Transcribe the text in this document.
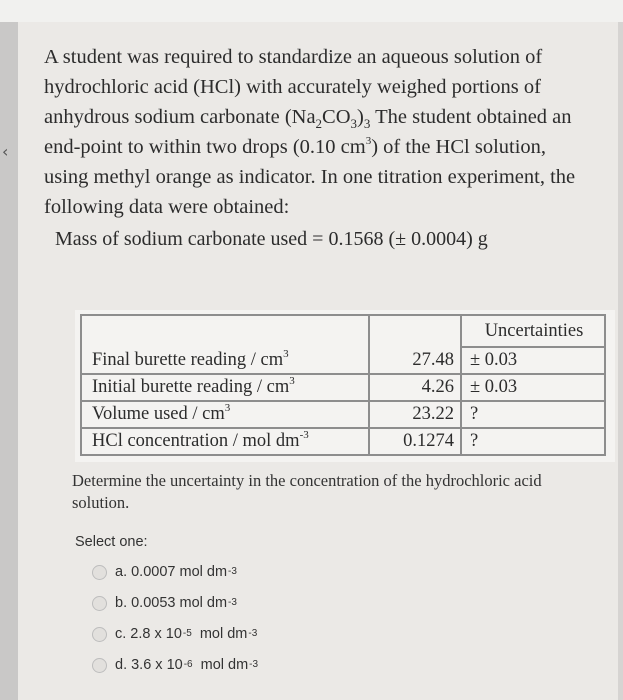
‹
A student was required to standardize an aqueous solution of
hydrochloric acid (HCl) with accurately weighed portions of
anhydrous sodium carbonate $(Na_2CO_3)_3$ The student obtained an
end-point to within two drops (0.10 $cm^3$) of the HCl solution,
using methyl orange as indicator. In one titration experiment, the
following data were obtained:
Mass of sodium carbonate used = 0.1568 (± 0.0004) g
		Uncertainties
Final burette reading / $cm^3$	27.48	± 0.03
Initial burette reading / $cm^3$	4.26	± 0.03
Volume used / $cm^3$	23.22	?
HCl concentration / mol $dm^{-3}$	0.1274	?
Determine the uncertainty in the concentration of the hydrochloric acid solution.
Select one:
a. 0.0007 mol dm -3
b. 0.0053 mol dm -3
c. 2.8 x 10 -5 mol dm -3
d. 3.6 x 10 -6 mol dm -3
